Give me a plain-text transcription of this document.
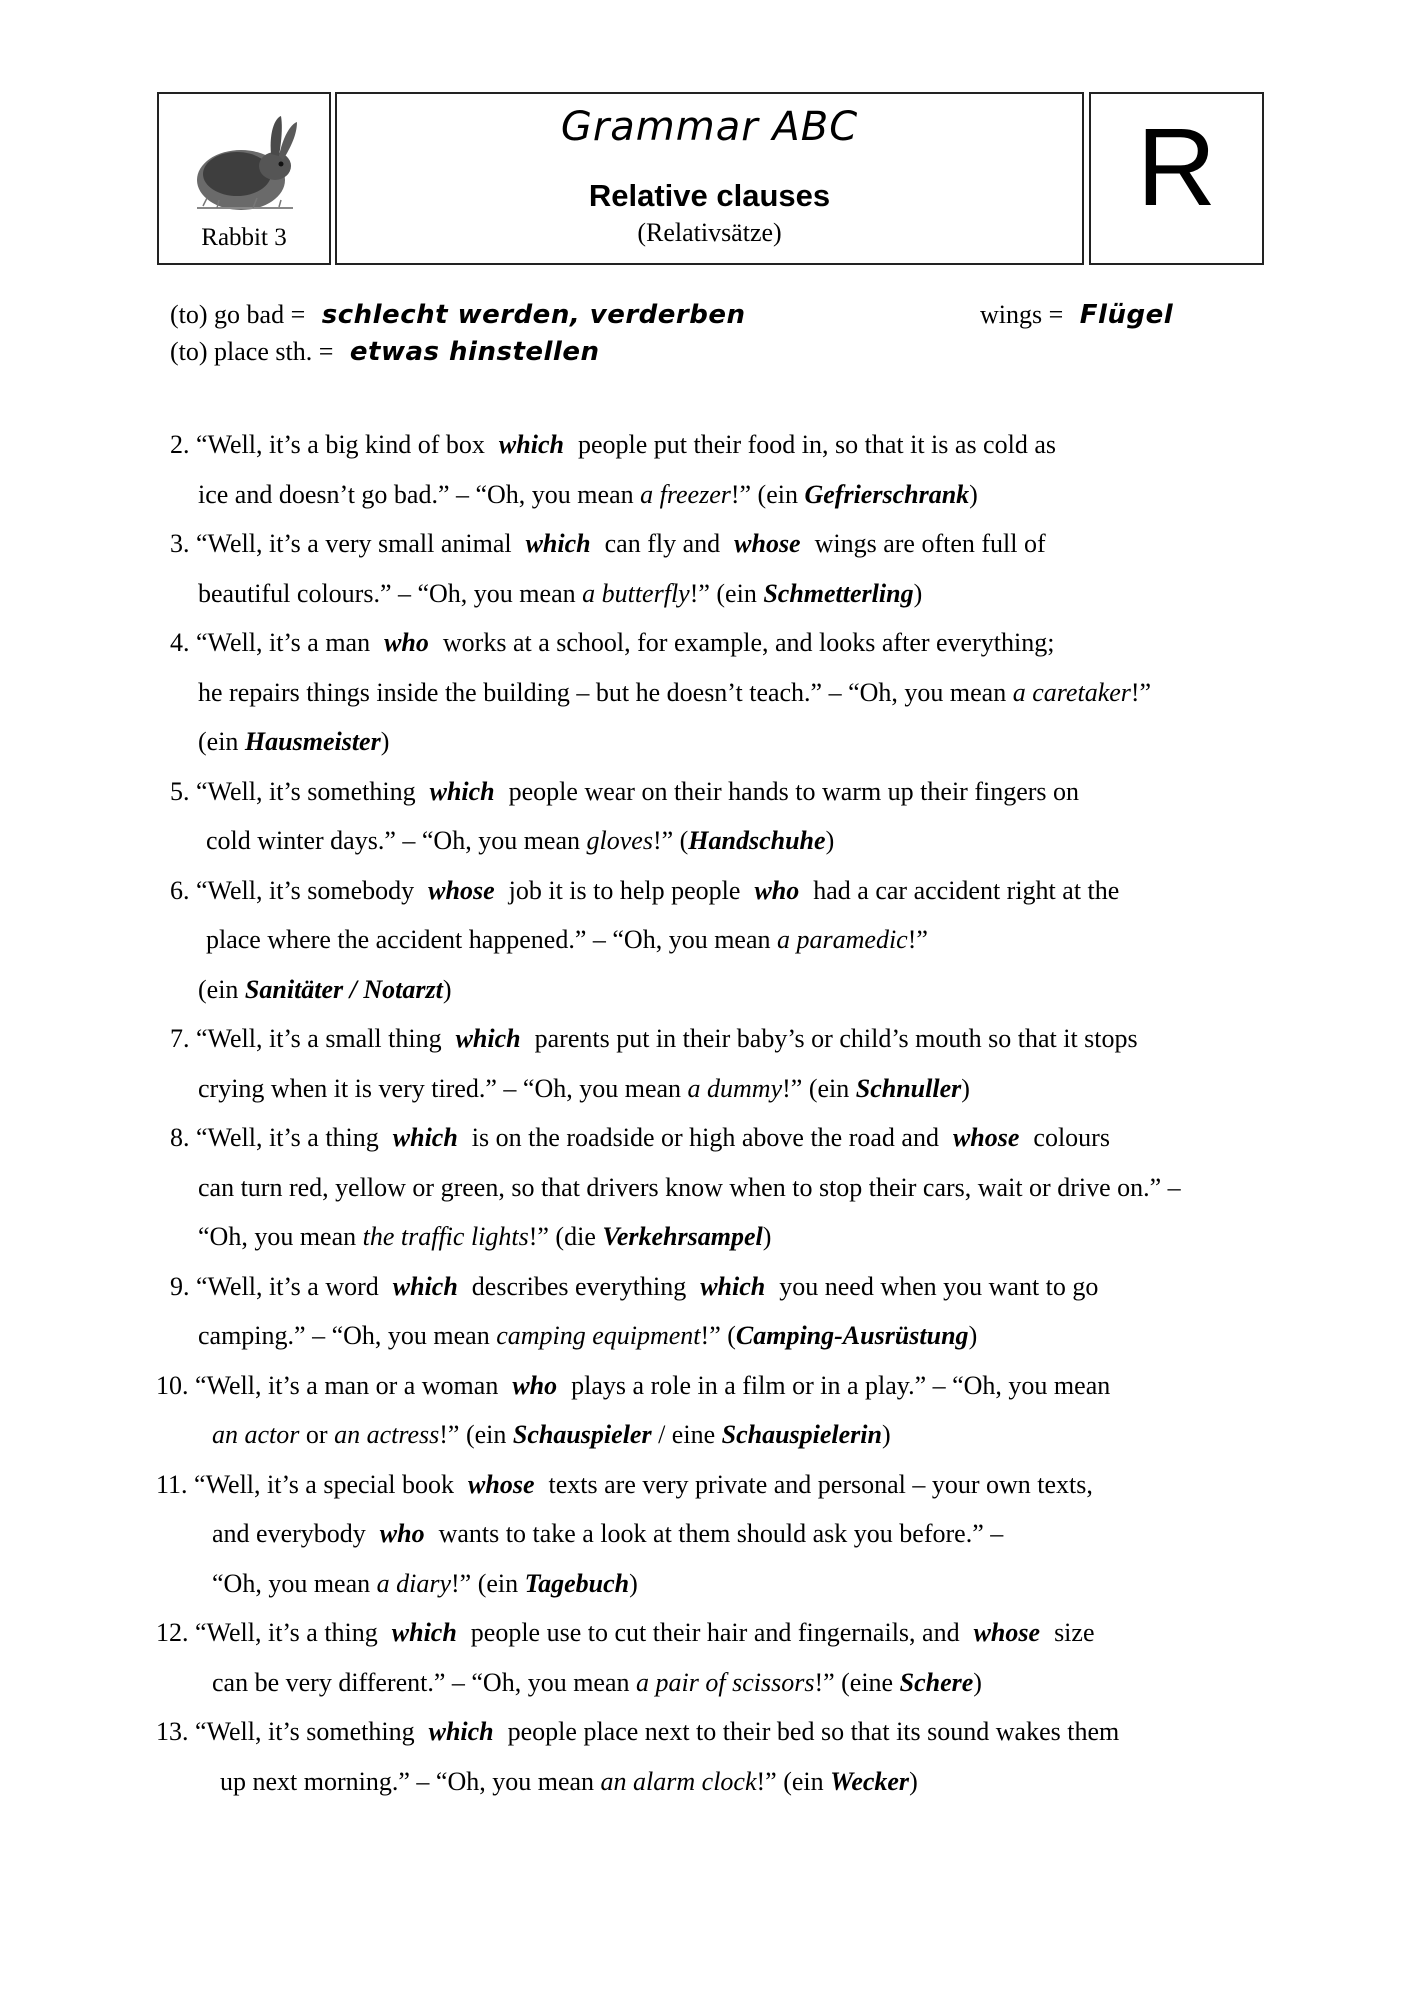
Rabbit 3
Grammar ABC
Relative clauses
(Relativsätze)
R
(to) go bad = schlecht werden, verderben	wings = Flügel
(to) place sth. = etwas hinstellen
2. “Well, it’s a big kind of box which people put their food in, so that it is as cold as
ice and doesn’t go bad.” – “Oh, you mean a freezer!” (ein Gefrierschrank)
3. “Well, it’s a very small animal which can fly and whose wings are often full of
beautiful colours.” – “Oh, you mean a butterfly!” (ein Schmetterling)
4. “Well, it’s a man who works at a school, for example, and looks after everything;
he repairs things inside the building – but he doesn’t teach.” – “Oh, you mean a caretaker!”
(ein Hausmeister)
5. “Well, it’s something which people wear on their hands to warm up their fingers on
cold winter days.” – “Oh, you mean gloves!” (Handschuhe)
6. “Well, it’s somebody whose job it is to help people who had a car accident right at the
place where the accident happened.” – “Oh, you mean a paramedic!”
(ein Sanitäter / Notarzt)
7. “Well, it’s a small thing which parents put in their baby’s or child’s mouth so that it stops
crying when it is very tired.” – “Oh, you mean a dummy!” (ein Schnuller)
8. “Well, it’s a thing which is on the roadside or high above the road and whose colours
can turn red, yellow or green, so that drivers know when to stop their cars, wait or drive on.” –
“Oh, you mean the traffic lights!” (die Verkehrsampel)
9. “Well, it’s a word which describes everything which you need when you want to go
camping.” – “Oh, you mean camping equipment!” (Camping-Ausrüstung)
10. “Well, it’s a man or a woman who plays a role in a film or in a play.” – “Oh, you mean
an actor or an actress!” (ein Schauspieler / eine Schauspielerin)
11. “Well, it’s a special book whose texts are very private and personal – your own texts,
and everybody who wants to take a look at them should ask you before.” –
“Oh, you mean a diary!” (ein Tagebuch)
12. “Well, it’s a thing which people use to cut their hair and fingernails, and whose size
can be very different.” – “Oh, you mean a pair of scissors!” (eine Schere)
13. “Well, it’s something which people place next to their bed so that its sound wakes them
up next morning.” – “Oh, you mean an alarm clock!” (ein Wecker)
